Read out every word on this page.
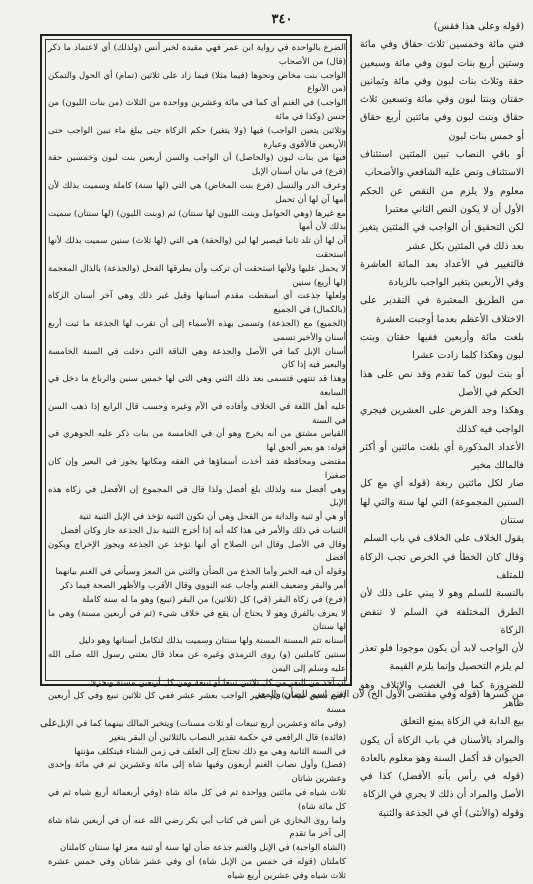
٣٤٠	(قوله وعلى هذا فقس)

فني مائة وخمسين ثلاث حقاق وفي مائة وستين أربع بنات لبون وفي مائة وسبعين حقة وثلاث بنات لبون وفي مائة وثمانين حقتان وبنتا لبون وفي مائة وتسعين ثلاث حقاق وبنت لبون وفي مائتين أربع حقاق أو خمس بنات لبون

أو باقي النصاب تبين المئتين استئناف الاستئناف ونص عليه الشافعي والأصحاب

معلوم ولا يلزم من النقص عن الحكم الأول أن لا يكون النص الثاني معتبرا

لكن التحقيق أن الواجب في المئتين يتغير بعد ذلك في المئتين بكل عشر

فالتغيير في الأعداد بعد المائة العاشرة وفي الأربعين يتغير الواجب بالزيادة

من الطريق المعتبرة في التقدير على الاختلاف الأعظم بعدما أوجبت العشرة

بلغت مائة وأربعين ففيها حقتان وبنت لبون وهكذا كلما زادت عشرا

أو بنت لبون كما تقدم وقد نص على هذا الحكم في الأصل

وهكذا وجد الفرض على العشرين فيجري الواجب فيه كذلك

الأعداد المذكورة أي بلغت مائتين أو أكثر فالمالك مخير

صار لكل مائتين ربعة (قوله أي مع كل السنين المجموعة) التي لها سنة والتي لها سنتان

يقول الخلاف على الخلاف في باب السلم

وقال كان الخطأ في الخرص تجب الزكاة للمتلف

بالنسبة للسلم وهو لا يبني على ذلك لأن الطرق المختلفة في السلم لا تنقض الزكاة

لأن الواجب لابد أن يكون موجودا فلو تعذر لم يلزم التحصيل وإنما يلزم القيمة

للضرورة كما في الغصب والإتلاف وهو ظاهر

بيع الدابة في الزكاة يمنع التعلق

والمراد بالأسنان في باب الزكاة أن يكون الحيوان قد أكمل السنة وهو معلوم بالعادة

(قوله في رأس بأنه الأفضل) كذا في الأصل والمراد أن ذلك لا يجري في الزكاة

وقوله (والأنثى) أي في الجذعة والثنية

الضرع بالواحدة في رواية ابن عمر فهي مقيدة لخبر أنس (ولذلك) أي لاعتماد ما ذكر (قال) من الأصحاب

الواجب بنت مخاض ونحوها (فيما مثلا) فيما زاد على ثلاثين (تمام) أي الحول والتمكن (من الأنواع

الواجب) في الغنم أي كما في مائة وعشرين وواحدة من الثلاث (من بنات اللبون) من جنس (وكذا في مائة

وثلاثين يتعين الواجب) فيها (ولا يتغير) حكم الزكاة حتى يبلغ ماء تبين الواجب حتى الأربعين فالأقوى وعبارة

فيها من بنات لبون (والحاصل) أن الواجب والسن أربعين بنت لبون وخمسين حقة (فرع) في بيان أسنان الإبل

وعرف الدر والنسل (فرع بنت المخاض) هي التي (لها سنة) كاملة وسميت بذلك لأن أمها آن لها أن تحمل

مع غيرها (وهي الحوامل وبنت اللبون لها سنتان) ثم (وبنت اللبون) (لها سنتان) سميت بذلك لأن أمها

آن لها أن تلد ثانيا فيصير لها لبن (والحقة) هي التي (لها ثلاث) سنين سميت بذلك لأنها استحقت

لا يحمل عليها ولأنها استحقت أن تركب وأن يطرقها الفحل (والجذعة) بالذال المعجمة (لها أربع) سنين

ولعلها جذعت أي أسقطت مقدم أسنانها وقيل غير ذلك وهي آخر أسنان الزكاة (بالكمال) في الجميع

(الجميع) مع (الجذعة) وتسمى بهذه الأسماء إلى أن تقرب لها الجذعة ما ثبت أربع أسنان والأخير تسمى

أسنان الإبل كما في الأصل والجذعة وهي الناقة التي دخلت في السنة الخامسة والبعير فيه إذا كان

وهذا قد تنتهي فتسمى بعد ذلك الثني وهي التي لها خمس سنين والرباع ما دخل في السابعة

عليه أهل اللغة في الخلاف وأفاده في الأم وغيره وحسب قال الرابع إذا ذهب السن في السنة

القياس مشتق من أنه يخرج وهو أن في الخامسة من بنات ذكر عليه الجوهري في قوله: هو بعير ألحق لها

مقتضى ومحافظة فقد أخذت أسماؤها في الفقه ومكانها يجوز في البعير وإن كان صغيرا

وهي أفضل منه ولذلك بلغ أفضل ولذا قال في المجموع إن الأفضل في زكاة هذه الإبل

أو هي أو ثنية والدابة من الفحل وهي أن تكون الثنية تؤخذ في الإبل الثنية ثنية

الثنيات في ذلك والأمر في هذا كله أنه إذا أخرج الثنية بدل الجذعة جاز وكان أفضل

وقال في الأصل وقال ابن الصلاح أي أنها تؤخذ عن الجذعة ويجوز الإخراج ويكون أفضل

وقوله أن فيه الخبر وأما الجذع من الضأن والثني من المعز وسيأتي في الغنم بيانهما

أمر والبقر وضعيف الغنم وأجاب عنه النووي وقال الأقرب والأظهر الصحة فيما ذكر

(فرع) في زكاة البقر (في) كل (ثلاثين) من البقر (تبيع) وهو ما له سنة كاملة

لا يعرف بالفرق وهو لا يحتاج أن يقع في خلاف شيء (ثم في أربعين مسنة) وهي ما لها سنتان

أسنانه تتم المسنة المسنة ولها سنتان وسميت بذلك لتكامل أسنانها وهو دليل

سنتين كاملتين (و) روى الترمذي وغيره عن معاذ قال بعثني رسول الله صلى الله عليه وسلم إلى اليمن

أن آخذ من البقر من كل ثلاثين تبيعا أو تبيعة ومن كل أربعين مسنة ويجزئ

(في ستين تبيعان) ثم يتغير الواجب بعشر عشر ففي كل ثلاثين تبيع وفي كل أربعين مسنة

(وفي مائة وعشرين أربع تبيعات أو ثلاث مسنات) ويتخير المالك بينهما كما في الإبل

(فائدة) قال الرافعي في حكمة تقدير النصاب بالثلاثين أن البقر يتغير

في السنة الثانية وهي مع ذلك تحتاج إلى العلف في زمن الشتاء فيتكلف مؤنتها

(فصل) وأول نصاب الغنم أربعون وفيها شاة إلى مائة وعشرين ثم في مائة وإحدى وعشرين شاتان

ثلاث شياه في مائتين وواحدة ثم في كل مائة شاة (وفي أربعمائة أربع شياه ثم في كل مائة شاة)

ولما روى البخاري عن أنس في كتاب أبي بكر رضي الله عنه أن في أربعين شاة شاة إلى آخر ما تقدم

(الشاة الواجبة) في الإبل والغنم جذعة ضأن لها سنة أو ثنية معز لها سنتان كاملتان

كاملتان (قوله في خمس من الإبل شاة) أي وفي عشر شاتان وفي خمس عشرة ثلاث شياه وفي عشرين أربع شياه

من كسرها (قوله وفي مقتضى الأول الخ) لأن الغنم اسم للضأن والمعز
على
